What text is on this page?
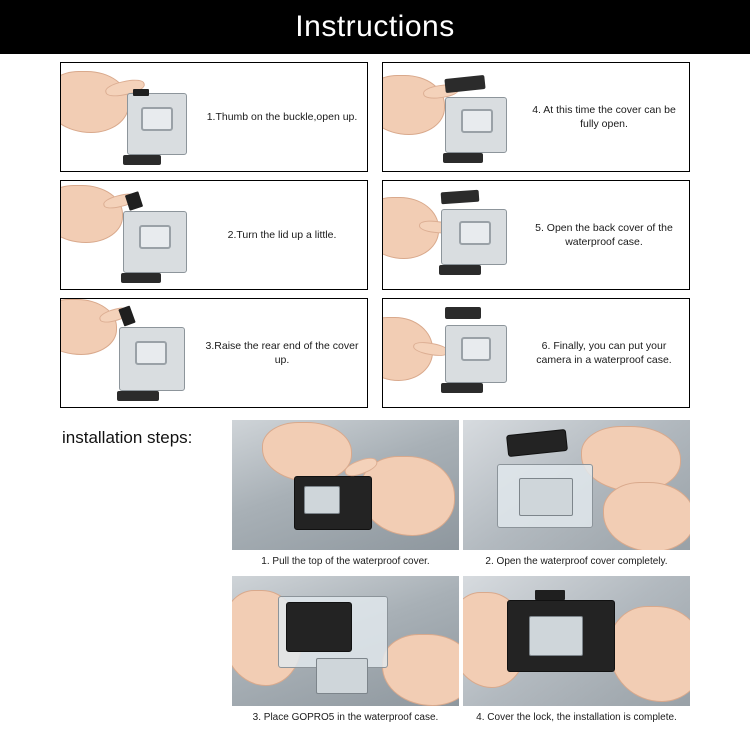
Instructions
1.Thumb on the buckle,open up.
4. At this time the cover can be fully open.
2.Turn the lid up a little.
5. Open the back cover of the waterproof case.
3.Raise the rear end of the cover up.
6. Finally, you can put your camera in a waterproof case.
installation steps:
1. Pull the top of the waterproof cover.	2. Open the waterproof cover completely.
3. Place GOPRO5 in the waterproof case.	4. Cover the lock, the installation is complete.
